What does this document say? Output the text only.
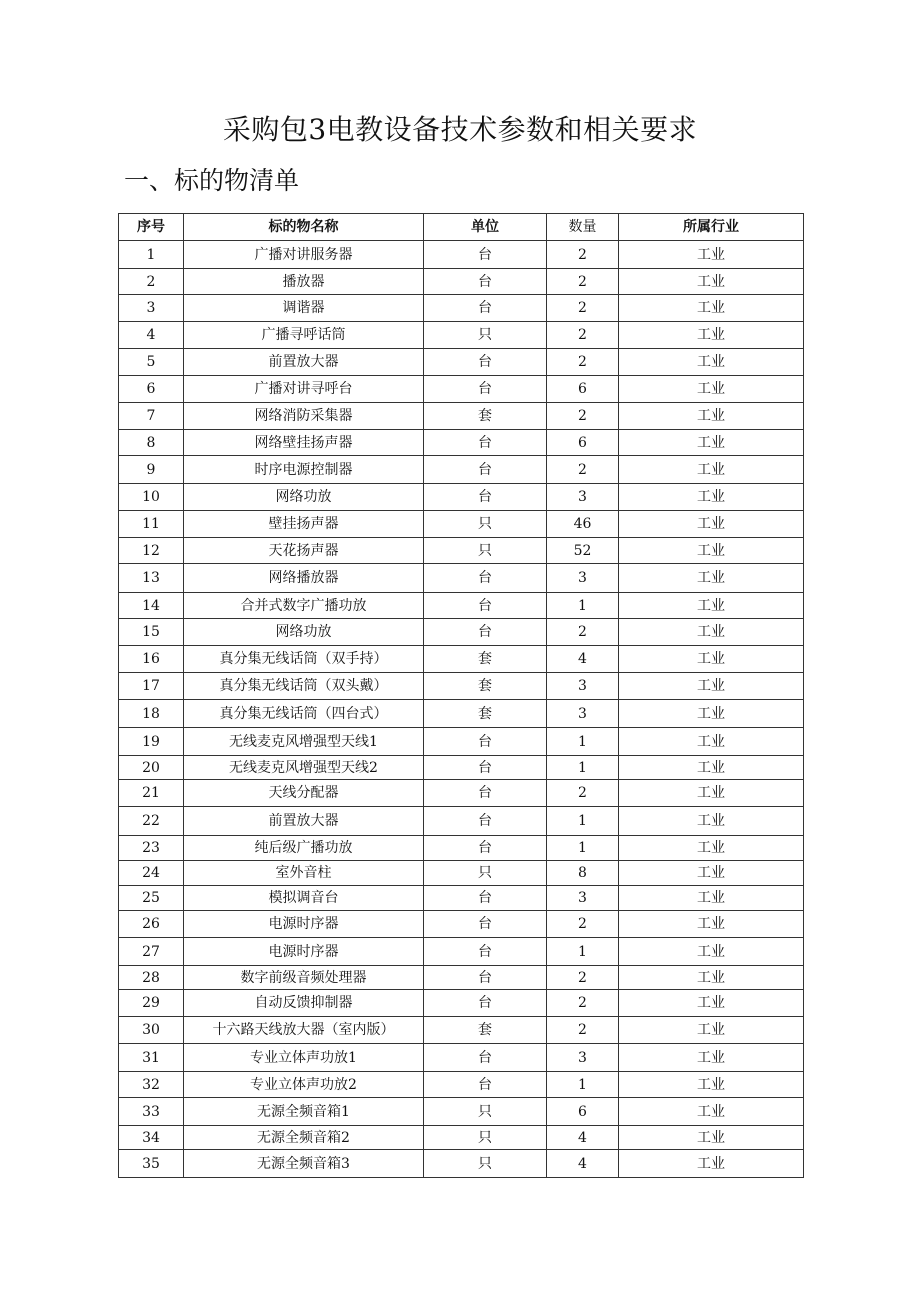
采购包3电教设备技术参数和相关要求
一、标的物清单
序号	标的物名称	单位	数量	所属行业
1	广播对讲服务器	台	2	工业
2	播放器	台	2	工业
3	调谐器	台	2	工业
4	广播寻呼话筒	只	2	工业
5	前置放大器	台	2	工业
6	广播对讲寻呼台	台	6	工业
7	网络消防采集器	套	2	工业
8	网络壁挂扬声器	台	6	工业
9	时序电源控制器	台	2	工业
10	网络功放	台	3	工业
11	壁挂扬声器	只	46	工业
12	天花扬声器	只	52	工业
13	网络播放器	台	3	工业
14	合并式数字广播功放	台	1	工业
15	网络功放	台	2	工业
16	真分集无线话筒（双手持）	套	4	工业
17	真分集无线话筒（双头戴）	套	3	工业
18	真分集无线话筒（四台式）	套	3	工业
19	无线麦克风增强型天线1	台	1	工业
20	无线麦克风增强型天线2	台	1	工业
21	天线分配器	台	2	工业
22	前置放大器	台	1	工业
23	纯后级广播功放	台	1	工业
24	室外音柱	只	8	工业
25	模拟调音台	台	3	工业
26	电源时序器	台	2	工业
27	电源时序器	台	1	工业
28	数字前级音频处理器	台	2	工业
29	自动反馈抑制器	台	2	工业
30	十六路天线放大器（室内版）	套	2	工业
31	专业立体声功放1	台	3	工业
32	专业立体声功放2	台	1	工业
33	无源全频音箱1	只	6	工业
34	无源全频音箱2	只	4	工业
35	无源全频音箱3	只	4	工业
